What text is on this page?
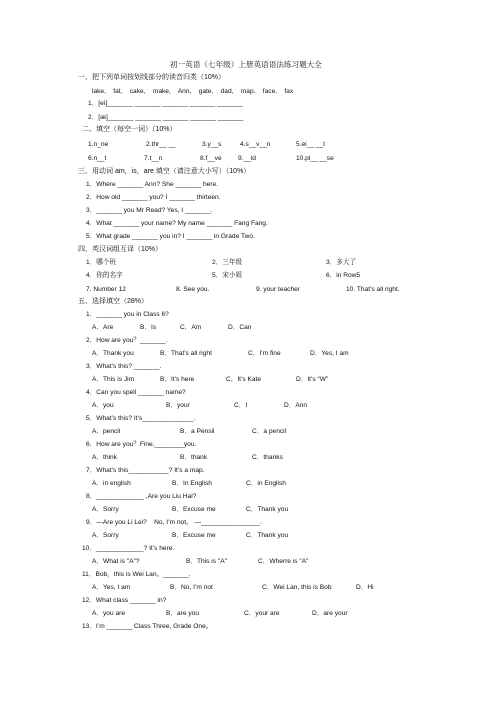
初一英语（七年级）上册英语语法练习题大全
一、把下列单词按划线部分的读音归类（10%）
lake,    fat,    cake,    make,    Ann,    gate,    dad,    map,    face,    fax
1．[ei]_______ _______ _______ _______ _______
2．[æ]_______ _______ _______ _______ _______
二、填空（每空一词）（10%）
1.n_ne	2.thr__ __	3.y__s	4.s__v__n	5.ei__ __t
6.n__t	7.t__n	8.f__ve 9.__ld	10.pl__ __se
三、用动词 am，is，are 填空（请注意大小写）（10%）
1．Where _______ Ann? She _______ here.
2．How old _______ you? I _______ thirteen.
3．_______ you Mr Read? Yes, I _______.
4．What _______ your name? My name _______ Fang Fang.
5．What grade _______ you in? I _______ in Grade Two.
四、英汉词组互译（10%）
1．哪个班	2．三年级	3．多大了
4．你的名字	5．宋小姐	6．in Row5
7. Number 12	8. See you.	9. your teacher	10. That’s all right.
五、选择填空（28%）
1．_______ you in Class 6?
A．Are	B．Is	C．Am	D．Can
2．How are you？_______.
A．Thank you	B．That’s all right	C．I’m fine	D．Yes, I am
3．What’s this? _______.
A．This is Jim	B．It’s here	C．It’s Kate	D．It’s “W”
4．Can you spell _______ name?
A．you	B．your	C．I	D．Ann
5．What’s this? It’s______________.
A．pencil	B．a Pensil	C．a pencil
6．How are you？Fine,________you.
A．think	B．thank	C．thanks
7．What’s this___________? It’s a map.
A．in english	B．In English	C．in English
8．_____________ ,Are you Liu Hai?
A．Sorry	B．Excuse me	C．Thank you
9．—Are you Li Lei?    No, I’m not。 —________________.
A．Sorry	B．Excuse me	C．Thank you
10．_____________? It’s here.
A．What is "A"?	B．This is "A"	C．Wherre is "A"
11．Bob，this is Wei Lan。_______.
A．Yes, I am	B．No, I’m not	C．Wei Lan, this is Bob	D．Hi
12．What class _______ in?
A．you are	B．are you	C．your are	D．are your
13．I’m _______ Class Three, Grade One。
